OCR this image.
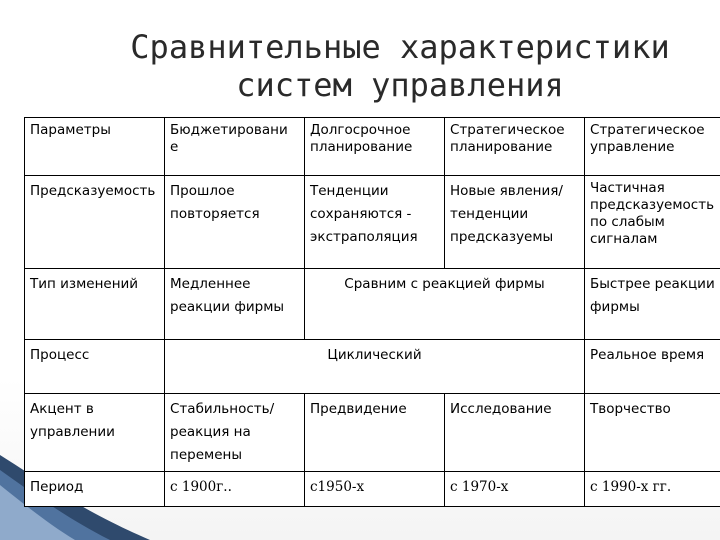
Сравнительные характеристики
систем управления
Параметры	Бюджетировани е	Долгосрочное планирование	Стратегическое планирование	Стратегическое управление
Предсказуемость	Прошлое повторяется	Тенденции сохраняются - экстраполяция	Новые явления/ тенденции предсказуемы	Частичная предсказуемость по слабым сигналам
Тип изменений	Медленнее реакции фирмы	Сравним с реакцией фирмы		Быстрее реакции фирмы
Процесс	Циклический			Реальное время
Акцент в управлении	Стабильность/ реакция на перемены	Предвидение	Исследование	Творчество
Период	с 1900г..	с1950-х	с 1970-х	с 1990-х гг.
